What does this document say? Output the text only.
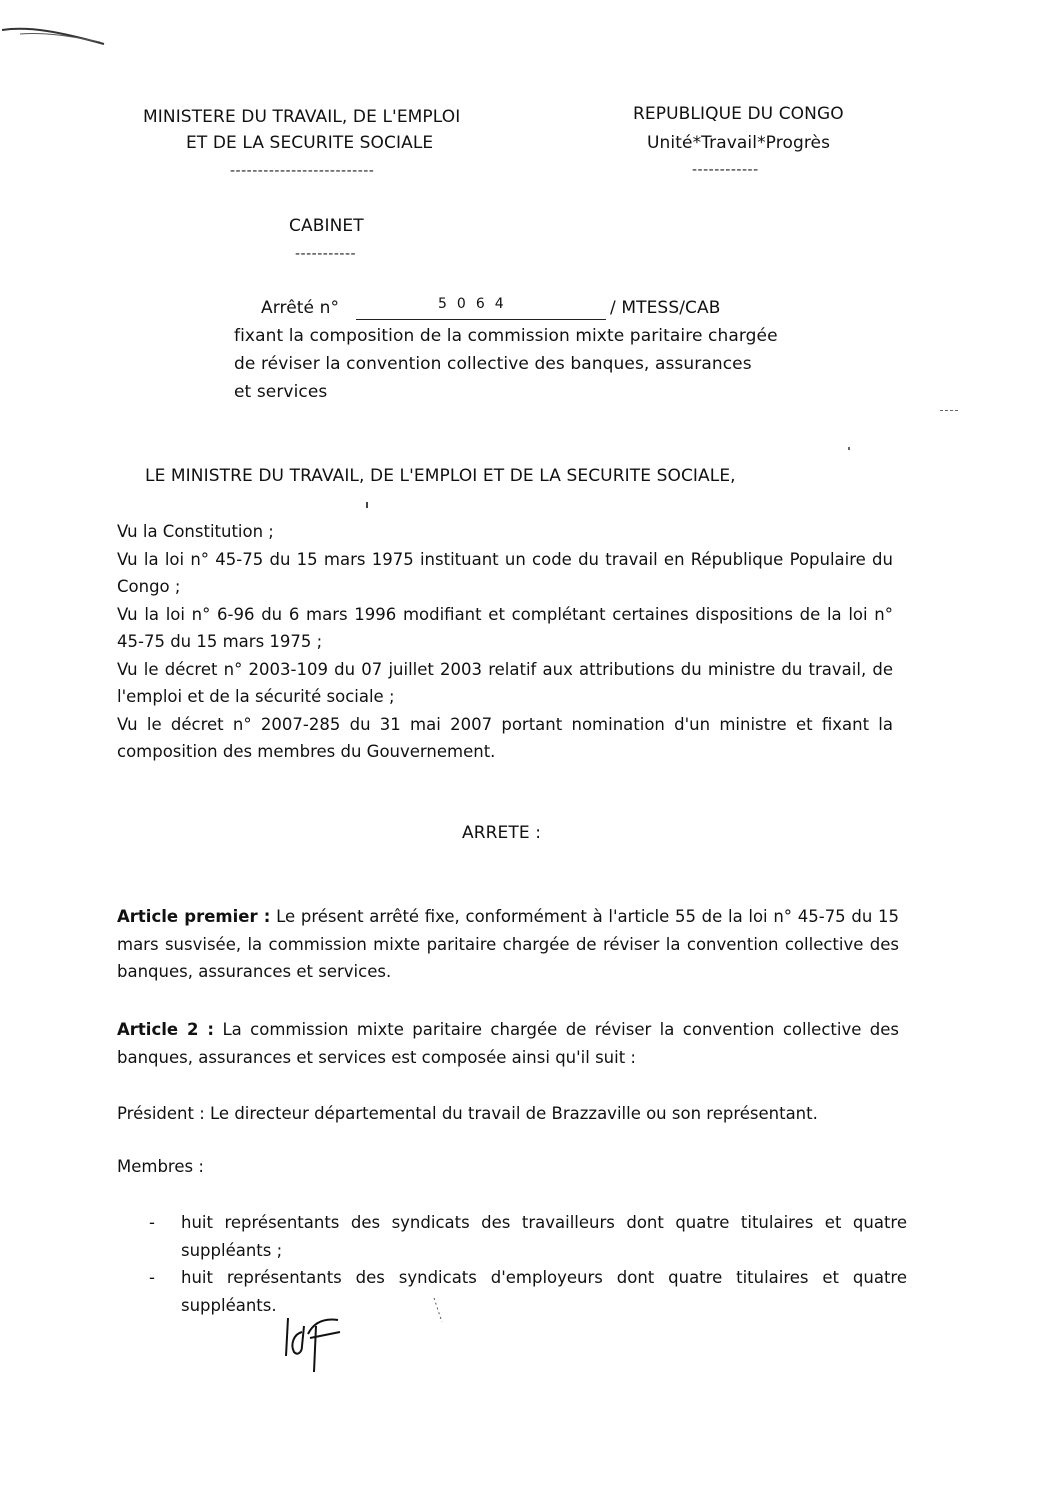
MINISTERE DU TRAVAIL, DE L'EMPLOI
ET DE LA SECURITE SOCIALE
--------------------------
REPUBLIQUE DU CONGO
Unité*Travail*Progrès
------------
CABINET
-----------
Arrêté n°	5064	/ MTESS/CAB
fixant la composition de la commission mixte paritaire chargée
de réviser la convention collective des banques, assurances
et services
LE MINISTRE DU TRAVAIL, DE L'EMPLOI ET DE LA SECURITE SOCIALE,
Vu la Constitution ;
Vu la loi n° 45-75 du 15 mars 1975 instituant un code du travail en République Populaire du Congo ;
Vu la loi n° 6-96 du 6 mars 1996 modifiant et complétant certaines dispositions de la loi n° 45-75 du 15 mars 1975 ;
Vu le décret n° 2003-109 du 07 juillet 2003 relatif aux attributions du ministre du travail, de l'emploi et de la sécurité sociale ;
Vu le décret n° 2007-285 du 31 mai 2007 portant nomination d'un ministre et fixant la composition des membres du Gouvernement.
ARRETE :
Article premier : Le présent arrêté fixe, conformément à l'article 55 de la loi n° 45-75 du 15 mars susvisée, la commission mixte paritaire chargée de réviser la convention collective des banques, assurances et services.
Article 2 : La commission mixte paritaire chargée de réviser la convention collective des banques, assurances et services est composée ainsi qu'il suit :
Président : Le directeur départemental du travail de Brazzaville ou son représentant.
Membres :
- huit représentants des syndicats des travailleurs dont quatre titulaires et quatre suppléants ;
- huit représentants des syndicats d'employeurs dont quatre titulaires et quatre suppléants.
